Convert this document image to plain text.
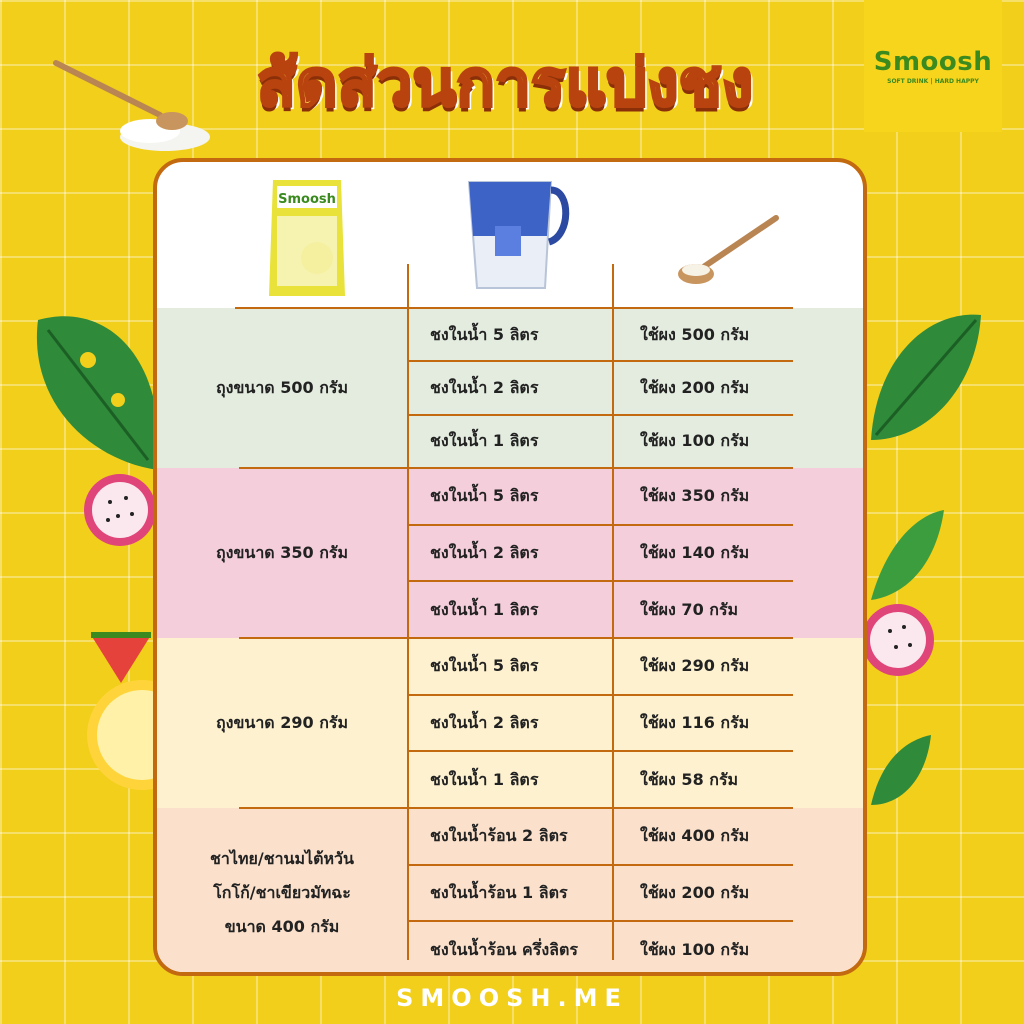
Smoosh
SOFT DRINK | HARD HAPPY
สัดส่วนการแบ่งชง
Smoosh
ถุงขนาด 500 กรัม
ชงในน้ำ 5 ลิตร	ใช้ผง 500 กรัม
ชงในน้ำ 2 ลิตร	ใช้ผง 200 กรัม
ชงในน้ำ 1 ลิตร	ใช้ผง 100 กรัม
ถุงขนาด 350 กรัม
ชงในน้ำ 5 ลิตร	ใช้ผง 350 กรัม
ชงในน้ำ 2 ลิตร	ใช้ผง 140 กรัม
ชงในน้ำ 1 ลิตร	ใช้ผง 70 กรัม
ถุงขนาด 290 กรัม
ชงในน้ำ 5 ลิตร	ใช้ผง 290 กรัม
ชงในน้ำ 2 ลิตร	ใช้ผง 116 กรัม
ชงในน้ำ 1 ลิตร	ใช้ผง 58 กรัม
ชาไทย/ชานมไต้หวัน
โกโก้/ชาเขียวมัทฉะ
ขนาด 400 กรัม
ชงในน้ำร้อน 2 ลิตร	ใช้ผง 400 กรัม
ชงในน้ำร้อน 1 ลิตร	ใช้ผง 200 กรัม
ชงในน้ำร้อน ครึ่งลิตร	ใช้ผง 100 กรัม
SMOOSH.ME
